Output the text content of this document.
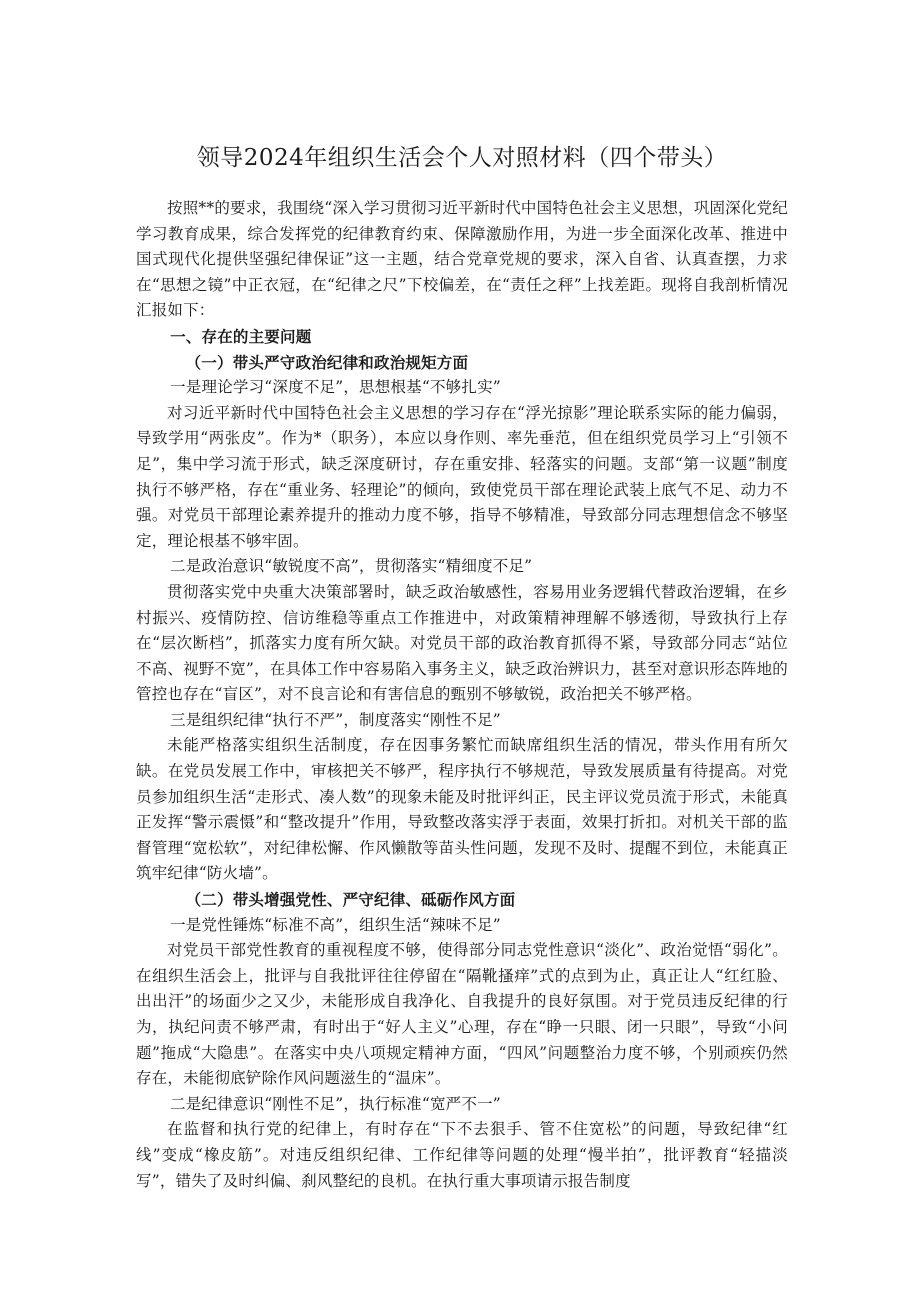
领导2024年组织生活会个人对照材料（四个带头）

按照**的要求，我围绕“深入学习贯彻习近平新时代中国特色社会主义思想，巩固深化党纪学习教育成果，综合发挥党的纪律教育约束、保障激励作用，为进一步全面深化改革、推进中国式现代化提供坚强纪律保证”这一主题，结合党章党规的要求，深入自省、认真查摆，力求在“思想之镜”中正衣冠，在“纪律之尺”下校偏差，在“责任之秤”上找差距。现将自我剖析情况汇报如下：

一、存在的主要问题

（一）带头严守政治纪律和政治规矩方面

一是理论学习“深度不足”，思想根基“不够扎实”

对习近平新时代中国特色社会主义思想的学习存在“浮光掠影”理论联系实际的能力偏弱，导致学用“两张皮”。作为*（职务），本应以身作则、率先垂范，但在组织党员学习上“引领不足”，集中学习流于形式，缺乏深度研讨，存在重安排、轻落实的问题。支部“第一议题”制度执行不够严格，存在“重业务、轻理论”的倾向，致使党员干部在理论武装上底气不足、动力不强。对党员干部理论素养提升的推动力度不够，指导不够精准，导致部分同志理想信念不够坚定，理论根基不够牢固。

二是政治意识“敏锐度不高”，贯彻落实“精细度不足”

贯彻落实党中央重大决策部署时，缺乏政治敏感性，容易用业务逻辑代替政治逻辑，在乡村振兴、疫情防控、信访维稳等重点工作推进中，对政策精神理解不够透彻，导致执行上存在“层次断档”，抓落实力度有所欠缺。对党员干部的政治教育抓得不紧，导致部分同志“站位不高、视野不宽”，在具体工作中容易陷入事务主义，缺乏政治辨识力，甚至对意识形态阵地的管控也存在“盲区”，对不良言论和有害信息的甄别不够敏锐，政治把关不够严格。

三是组织纪律“执行不严”，制度落实“刚性不足”

未能严格落实组织生活制度，存在因事务繁忙而缺席组织生活的情况，带头作用有所欠缺。在党员发展工作中，审核把关不够严，程序执行不够规范，导致发展质量有待提高。对党员参加组织生活“走形式、凑人数”的现象未能及时批评纠正，民主评议党员流于形式，未能真正发挥“警示震慑”和“整改提升”作用，导致整改落实浮于表面，效果打折扣。对机关干部的监督管理“宽松软”，对纪律松懈、作风懒散等苗头性问题，发现不及时、提醒不到位，未能真正筑牢纪律“防火墙”。

（二）带头增强党性、严守纪律、砥砺作风方面

一是党性锤炼“标准不高”，组织生活“辣味不足”

对党员干部党性教育的重视程度不够，使得部分同志党性意识“淡化”、政治觉悟“弱化”。在组织生活会上，批评与自我批评往往停留在“隔靴搔痒”式的点到为止，真正让人“红红脸、出出汗”的场面少之又少，未能形成自我净化、自我提升的良好氛围。对于党员违反纪律的行为，执纪问责不够严肃，有时出于“好人主义”心理，存在“睁一只眼、闭一只眼”，导致“小问题”拖成“大隐患”。在落实中央八项规定精神方面，“四风”问题整治力度不够，个别顽疾仍然存在，未能彻底铲除作风问题滋生的“温床”。

二是纪律意识“刚性不足”，执行标准“宽严不一”

在监督和执行党的纪律上，有时存在“下不去狠手、管不住宽松”的问题，导致纪律“红线”变成“橡皮筋”。对违反组织纪律、工作纪律等问题的处理“慢半拍”，批评教育“轻描淡写”，错失了及时纠偏、刹风整纪的良机。在执行重大事项请示报告制度
